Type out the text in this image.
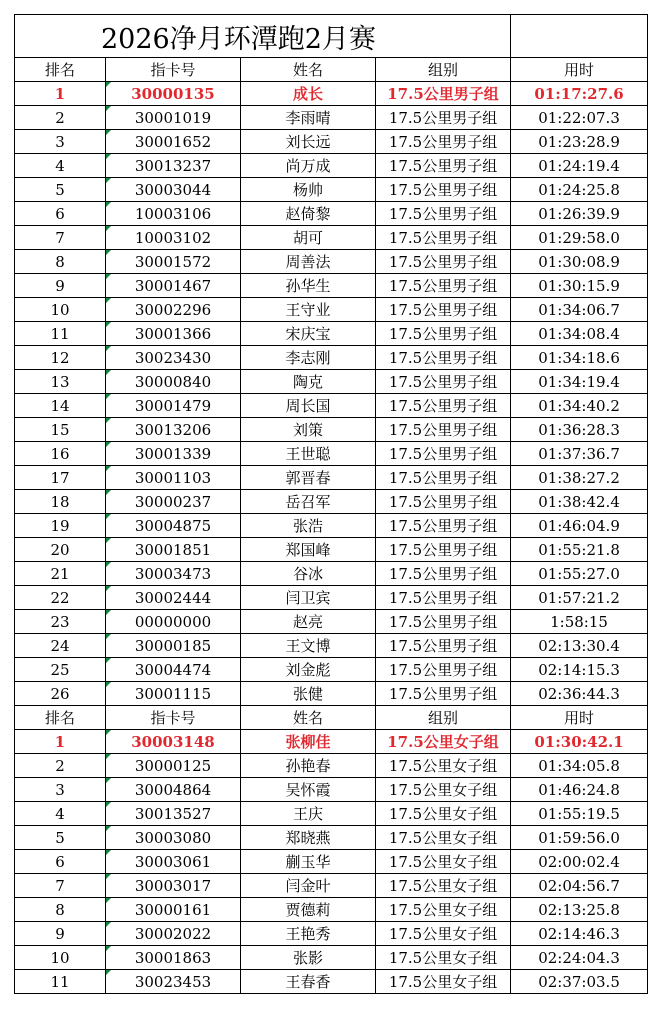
2026净月环潭跑2月赛				
排名	指卡号	姓名	组别	用时
1	30000135	成长	17.5公里男子组	01:17:27.6
2	30001019	李雨晴	17.5公里男子组	01:22:07.3
3	30001652	刘长远	17.5公里男子组	01:23:28.9
4	30013237	尚万成	17.5公里男子组	01:24:19.4
5	30003044	杨帅	17.5公里男子组	01:24:25.8
6	10003106	赵倚黎	17.5公里男子组	01:26:39.9
7	10003102	胡可	17.5公里男子组	01:29:58.0
8	30001572	周善法	17.5公里男子组	01:30:08.9
9	30001467	孙华生	17.5公里男子组	01:30:15.9
10	30002296	王守业	17.5公里男子组	01:34:06.7
11	30001366	宋庆宝	17.5公里男子组	01:34:08.4
12	30023430	李志刚	17.5公里男子组	01:34:18.6
13	30000840	陶克	17.5公里男子组	01:34:19.4
14	30001479	周长国	17.5公里男子组	01:34:40.2
15	30013206	刘策	17.5公里男子组	01:36:28.3
16	30001339	王世聪	17.5公里男子组	01:37:36.7
17	30001103	郭晋春	17.5公里男子组	01:38:27.2
18	30000237	岳召军	17.5公里男子组	01:38:42.4
19	30004875	张浩	17.5公里男子组	01:46:04.9
20	30001851	郑国峰	17.5公里男子组	01:55:21.8
21	30003473	谷冰	17.5公里男子组	01:55:27.0
22	30002444	闫卫宾	17.5公里男子组	01:57:21.2
23	00000000	赵亮	17.5公里男子组	1:58:15
24	30000185	王文博	17.5公里男子组	02:13:30.4
25	30004474	刘金彪	17.5公里男子组	02:14:15.3
26	30001115	张健	17.5公里男子组	02:36:44.3
排名	指卡号	姓名	组别	用时
1	30003148	张柳佳	17.5公里女子组	01:30:42.1
2	30000125	孙艳春	17.5公里女子组	01:34:05.8
3	30004864	吴怀霞	17.5公里女子组	01:46:24.8
4	30013527	王庆	17.5公里女子组	01:55:19.5
5	30003080	郑晓燕	17.5公里女子组	01:59:56.0
6	30003061	蒯玉华	17.5公里女子组	02:00:02.4
7	30003017	闫金叶	17.5公里女子组	02:04:56.7
8	30000161	贾德莉	17.5公里女子组	02:13:25.8
9	30002022	王艳秀	17.5公里女子组	02:14:46.3
10	30001863	张影	17.5公里女子组	02:24:04.3
11	30023453	王春香	17.5公里女子组	02:37:03.5
